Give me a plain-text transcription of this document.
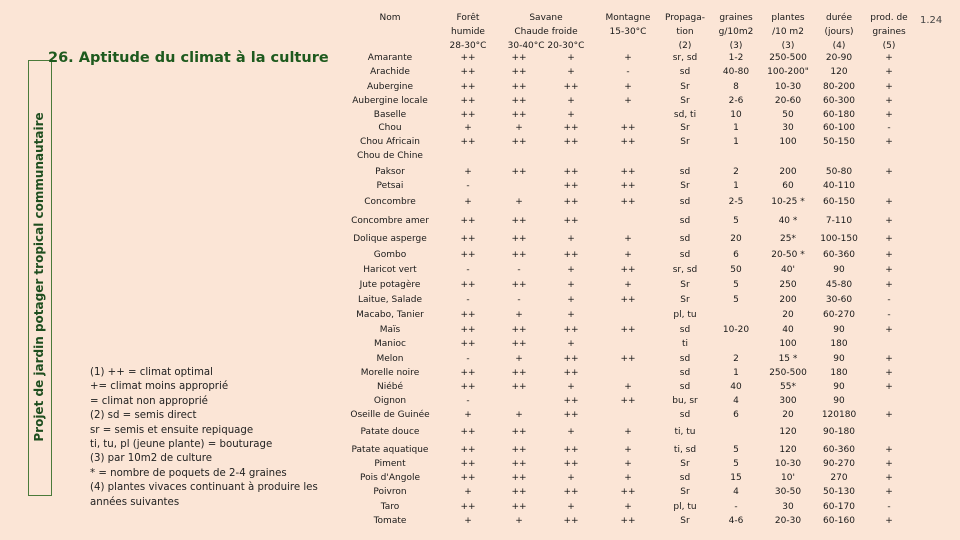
Projet de jardin potager tropical communautaire
26. Aptitude du climat à la culture
1.24
(1) ++ = climat optimal
+= climat moins approprié
= climat non approprié
(2) sd = semis direct
sr = semis et ensuite repiquage
ti, tu, pl (jeune plante) = bouturage
(3) par 10m2 de culture
* = nombre de poquets de 2-4 graines
(4) plantes vivaces continuant à produire les
années suivantes
Nom	Forêt
humide
28-30°C
Savane
Chaude froide
30-40°C 20-30°C
Montagne
15-30°C
Propaga-
tion
(2)
graines
g/10m2
(3)
plantes
/10 m2
(3)
durée
(jours)
(4)
prod. de
graines
(5)
Amarante
Arachide
Aubergine
Aubergine locale
Baselle
Chou
Chou Africain
Chou de Chine
Paksor
Petsai
Concombre
Concombre amer
Dolique asperge
Gombo
Haricot vert
Jute potagère
Laitue, Salade
Macabo, Tanier
Maïs
Manioc
Melon
Morelle noire
Niébé
Oignon
Oseille de Guinée
Patate douce
Patate aquatique
Piment
Pois d'Angole
Poivron
Taro
Tomate
++
++
++
++
++
+
++
+
-
+
++
++
++
-
++
-
++
++
++
-
++
++
-
+
++
++
++
++
+
++
+
++
++
++
++
++
+
++
++
+
++
++
++
-
++
-
+
++
++
+
++
++
+
++
++
++
++
++
++
+
+
+
++
+
+
++
++
++
++
++
++
+
++
+
+
+
+
++
+
++
++
+
++
++
+
++
++
+
++
+
++
+
-
+
+
++
++
++
++
++
+
+
++
+
++
++
++
+
++
+
+
+
+
++
+
++
sr, sd
sd
Sr
Sr
sd, ti
Sr
Sr
sd
Sr
sd
sd
sd
sd
sr, sd
Sr
Sr
pl, tu
sd
ti
sd
sd
sd
bu, sr
sd
ti, tu
ti, sd
Sr
sd
Sr
pl, tu
Sr
1-2
40-80
8
2-6
10
1
1
2
1
2-5
5
20
6
50
5
5
10-20
2
1
40
4
6
5
5
15
4
-
4-6
250-500
100-200"
10-30
20-60
50
30
100
200
60
10-25 *
40 *
25*
20-50 *
40'
250
200
20
40
100
15 *
250-500
55*
300
20
120
120
10-30
10'
30-50
30
20-30
20-90
120
80-200
60-300
60-180
60-100
50-150
50-80
40-110
60-150
7-110
100-150
60-360
90
45-80
30-60
60-270
90
180
90
180
90
90
120180
90-180
60-360
90-270
270
50-130
60-170
60-160
+
+
+
+
+
-
+
+
+
+
+
+
+
+
-
-
+
+
+
+
+
+
+
+
+
-
+
